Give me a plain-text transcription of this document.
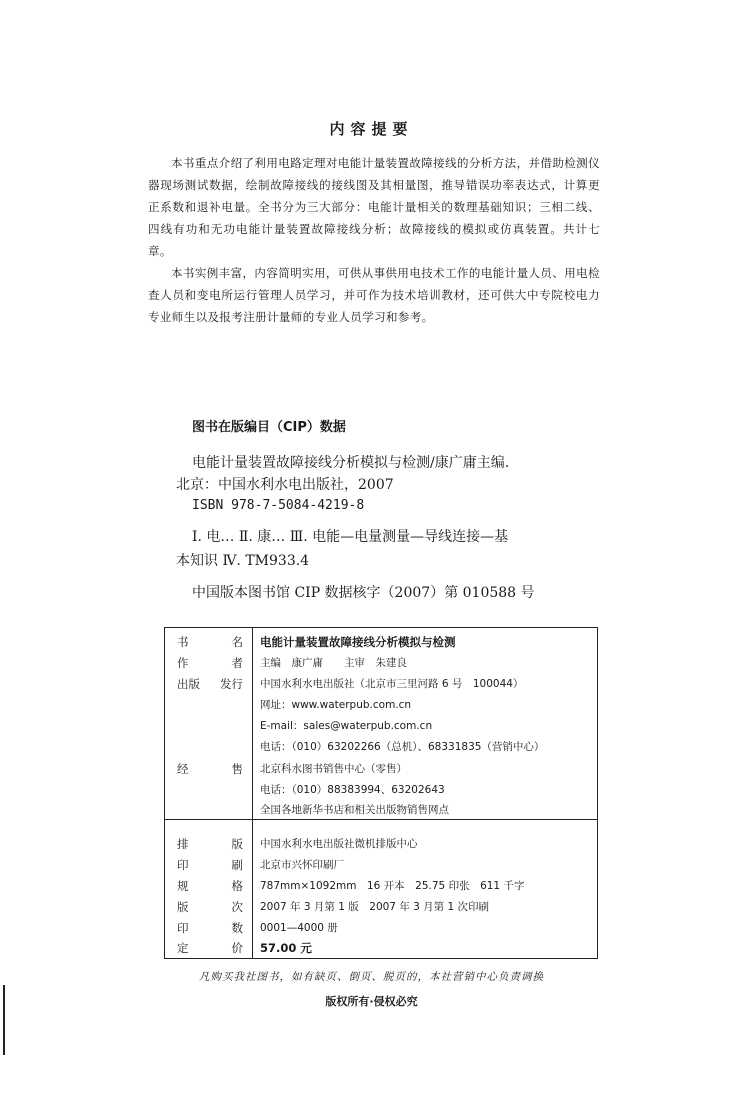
内容提要

本书重点介绍了利用电路定理对电能计量装置故障接线的分析方法，并借助检测仪器现场测试数据，绘制故障接线的接线图及其相量图，推导错误功率表达式，计算更正系数和退补电量。全书分为三大部分：电能计量相关的数理基础知识；三相二线、四线有功和无功电能计量装置故障接线分析；故障接线的模拟或仿真装置。共计七章。

本书实例丰富，内容简明实用，可供从事供用电技术工作的电能计量人员、用电检查人员和变电所运行管理人员学习，并可作为技术培训教材，还可供大中专院校电力专业师生以及报考注册计量师的专业人员学习和参考。

图书在版编目（CIP）数据
电能计量装置故障接线分析模拟与检测/康广庸主编.
北京：中国水利水电出版社，2007
ISBN 978-7-5084-4219-8
Ⅰ. 电… Ⅱ. 康… Ⅲ. 电能—电量测量—导线连接—基
本知识 Ⅳ. TM933.4
中国版本图书馆 CIP 数据核字（2007）第 010588 号
书	名 电能计量装置故障接线分析模拟与检测
作	者 主编　康广庸　　主审　朱建良
出版 发行 中国水利水电出版社（北京市三里河路 6 号　100044）
网址：www.waterpub.com.cn
E-mail：sales@waterpub.com.cn
电话：（010）63202266（总机）、68331835（营销中心）
经	售 北京科水图书销售中心（零售）
电话：（010）88383994、63202643
全国各地新华书店和相关出版物销售网点
排	版 中国水利水电出版社微机排版中心
印	刷 北京市兴怀印刷厂
规	格 787mm×1092mm　16 开本　25.75 印张　611 千字
版	次 2007 年 3 月第 1 版　2007 年 3 月第 1 次印刷
印	数 0001—4000 册
定	价 57.00 元
凡购买我社图书，如有缺页、倒页、脱页的，本社营销中心负责调换
版权所有·侵权必究
